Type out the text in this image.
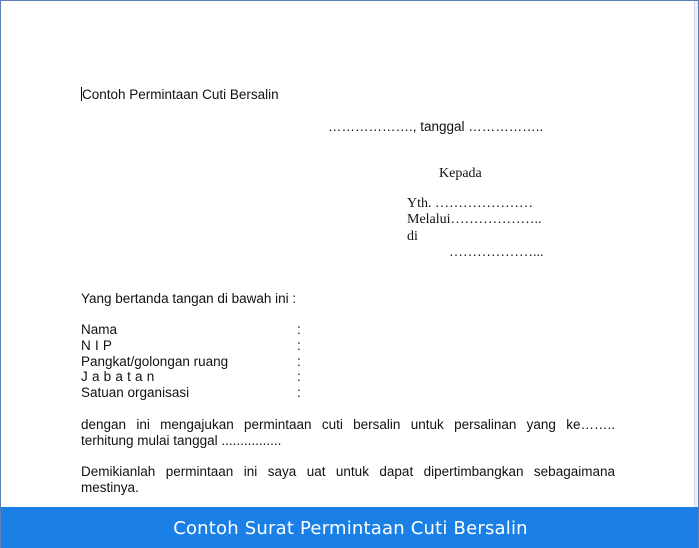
Contoh Permintaan Cuti Bersalin
………………., tanggal ……………..
Kepada
Yth. …………………
Melalui………………..
di
………………...
Yang bertanda tangan di bawah ini :
Nama	:
NIP	:
Pangkat/golongan ruang	:
Jabatan	:
Satuan organisasi	:
dengan ini mengajukan permintaan cuti bersalin untuk persalinan yang ke……..
terhitung mulai tanggal ................
Demikianlah permintaan ini saya uat untuk dapat dipertimbangkan sebagaimana
mestinya.
Contoh Surat Permintaan Cuti Bersalin
